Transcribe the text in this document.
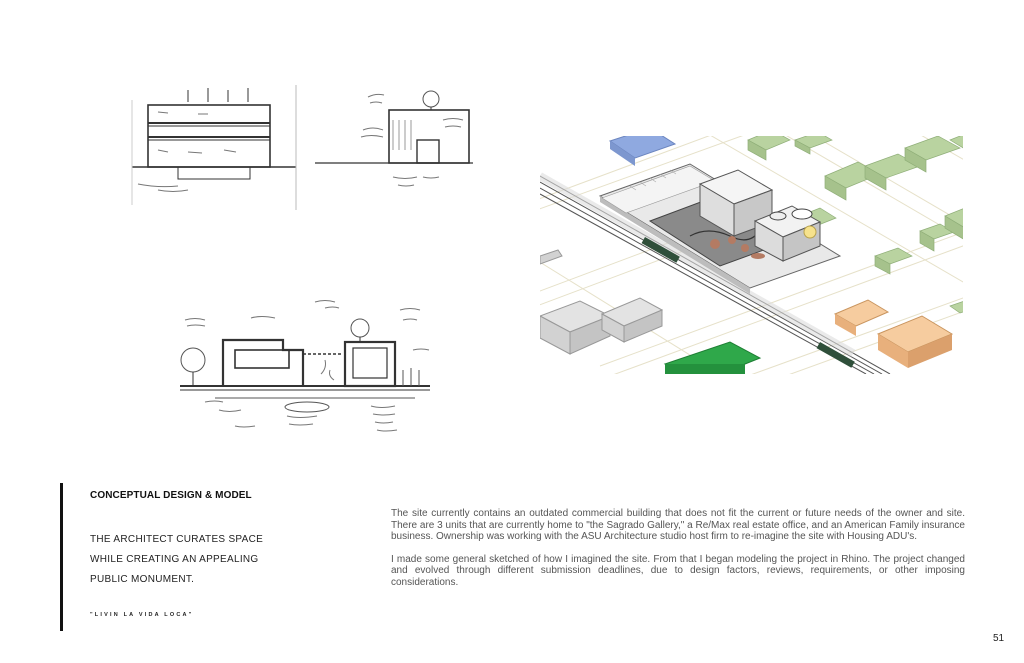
CONCEPTUAL DESIGN & MODEL
THE ARCHITECT CURATES SPACE
WHILE CREATING AN APPEALING
PUBLIC MONUMENT.
"LIVIN LA VIDA LOCA"

The site currently contains an outdated commercial building that does not fit the current or future needs of the owner and site. There are 3 units that are currently home to "the Sagrado Gallery," a Re/Max real estate office, and an American Family insurance business. Ownership was working with the ASU Architecture studio host firm to re-imagine the site with Housing ADU's.

I made some general sketched of how I imagined the site. From that I began modeling the project in Rhino. The project changed and evolved through different submission deadlines, due to design factors, reviews, requirements, or other imposing considerations.

51
